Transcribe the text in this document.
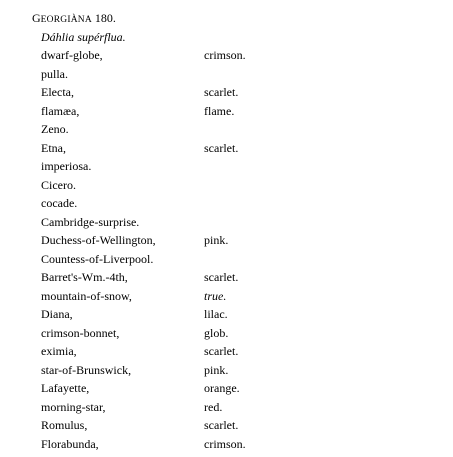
GEORGIÀNA 180.
Dáhlia supérflua.
dwarf-globe,	crimson.
pulla.
Electa,	scarlet.
flamæa,	flame.
Zeno.
Etna,	scarlet.
imperiosa.
Cicero.
cocade.
Cambridge-surprise.
Duchess-of-Wellington,	pink.
Countess-of-Liverpool.
Barret's-Wm.-4th,	scarlet.
mountain-of-snow,	true.
Diana,	lilac.
crimson-bonnet,	glob.
eximia,	scarlet.
star-of-Brunswick,	pink.
Lafayette,	orange.
morning-star,	red.
Romulus,	scarlet.
Florabunda,	crimson.
